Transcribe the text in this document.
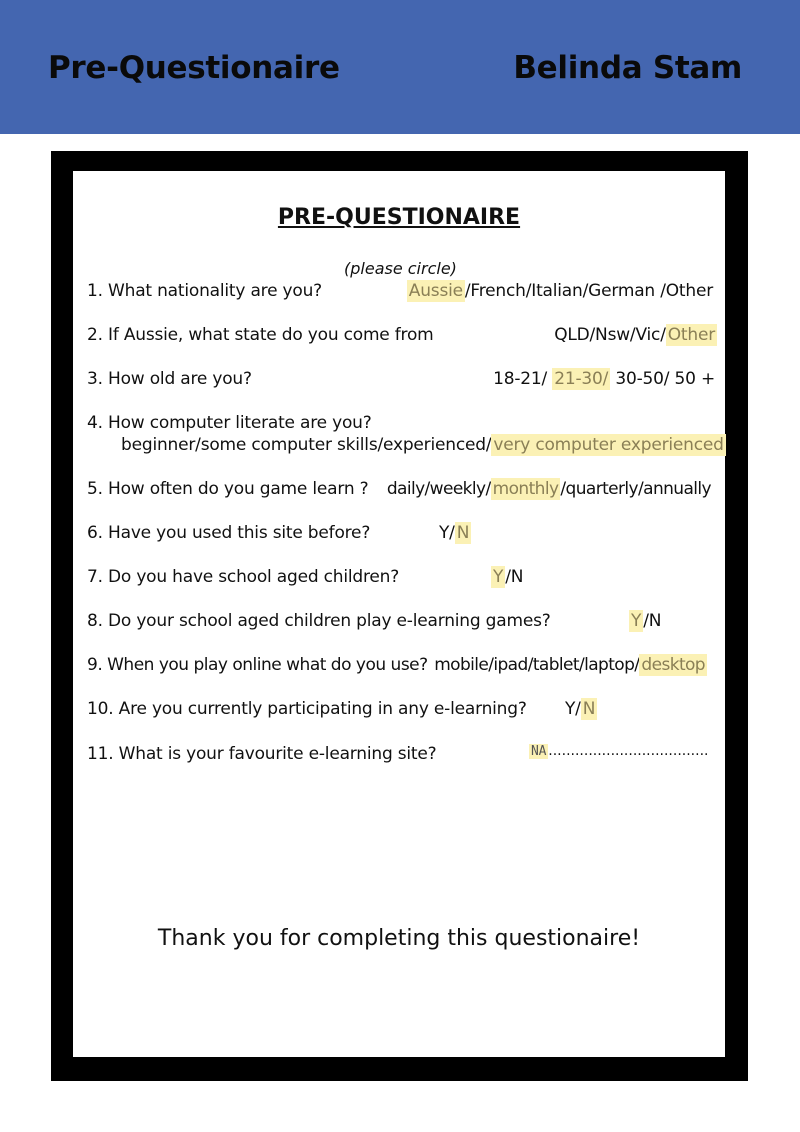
Pre-Questionaire	Belinda Stam
PRE-QUESTIONAIRE
(please circle)
1. What nationality are you?	Aussie /French/Italian/German /Other
2. If Aussie, what state do you come from	QLD/Nsw/Vic/ Other
3. How old are you?	18-21/ 21-30/ 30-50/ 50 +
4. How computer literate are you?
beginner/some computer skills/experienced/ very computer experienced
5. How often do you game learn ? daily/weekly/ monthly /quarterly/annually
6. Have you used this site before?	Y/ N
7. Do you have school aged children?	Y /N
8. Do your school aged children play e-learning games?	Y /N
9. When you play online what do you use? mobile/ipad/tablet/laptop/ desktop
10. Are you currently participating in any e-learning? Y/ N
11. What is your favourite e-learning site?	NA ....................................
Thank you for completing this questionaire!
